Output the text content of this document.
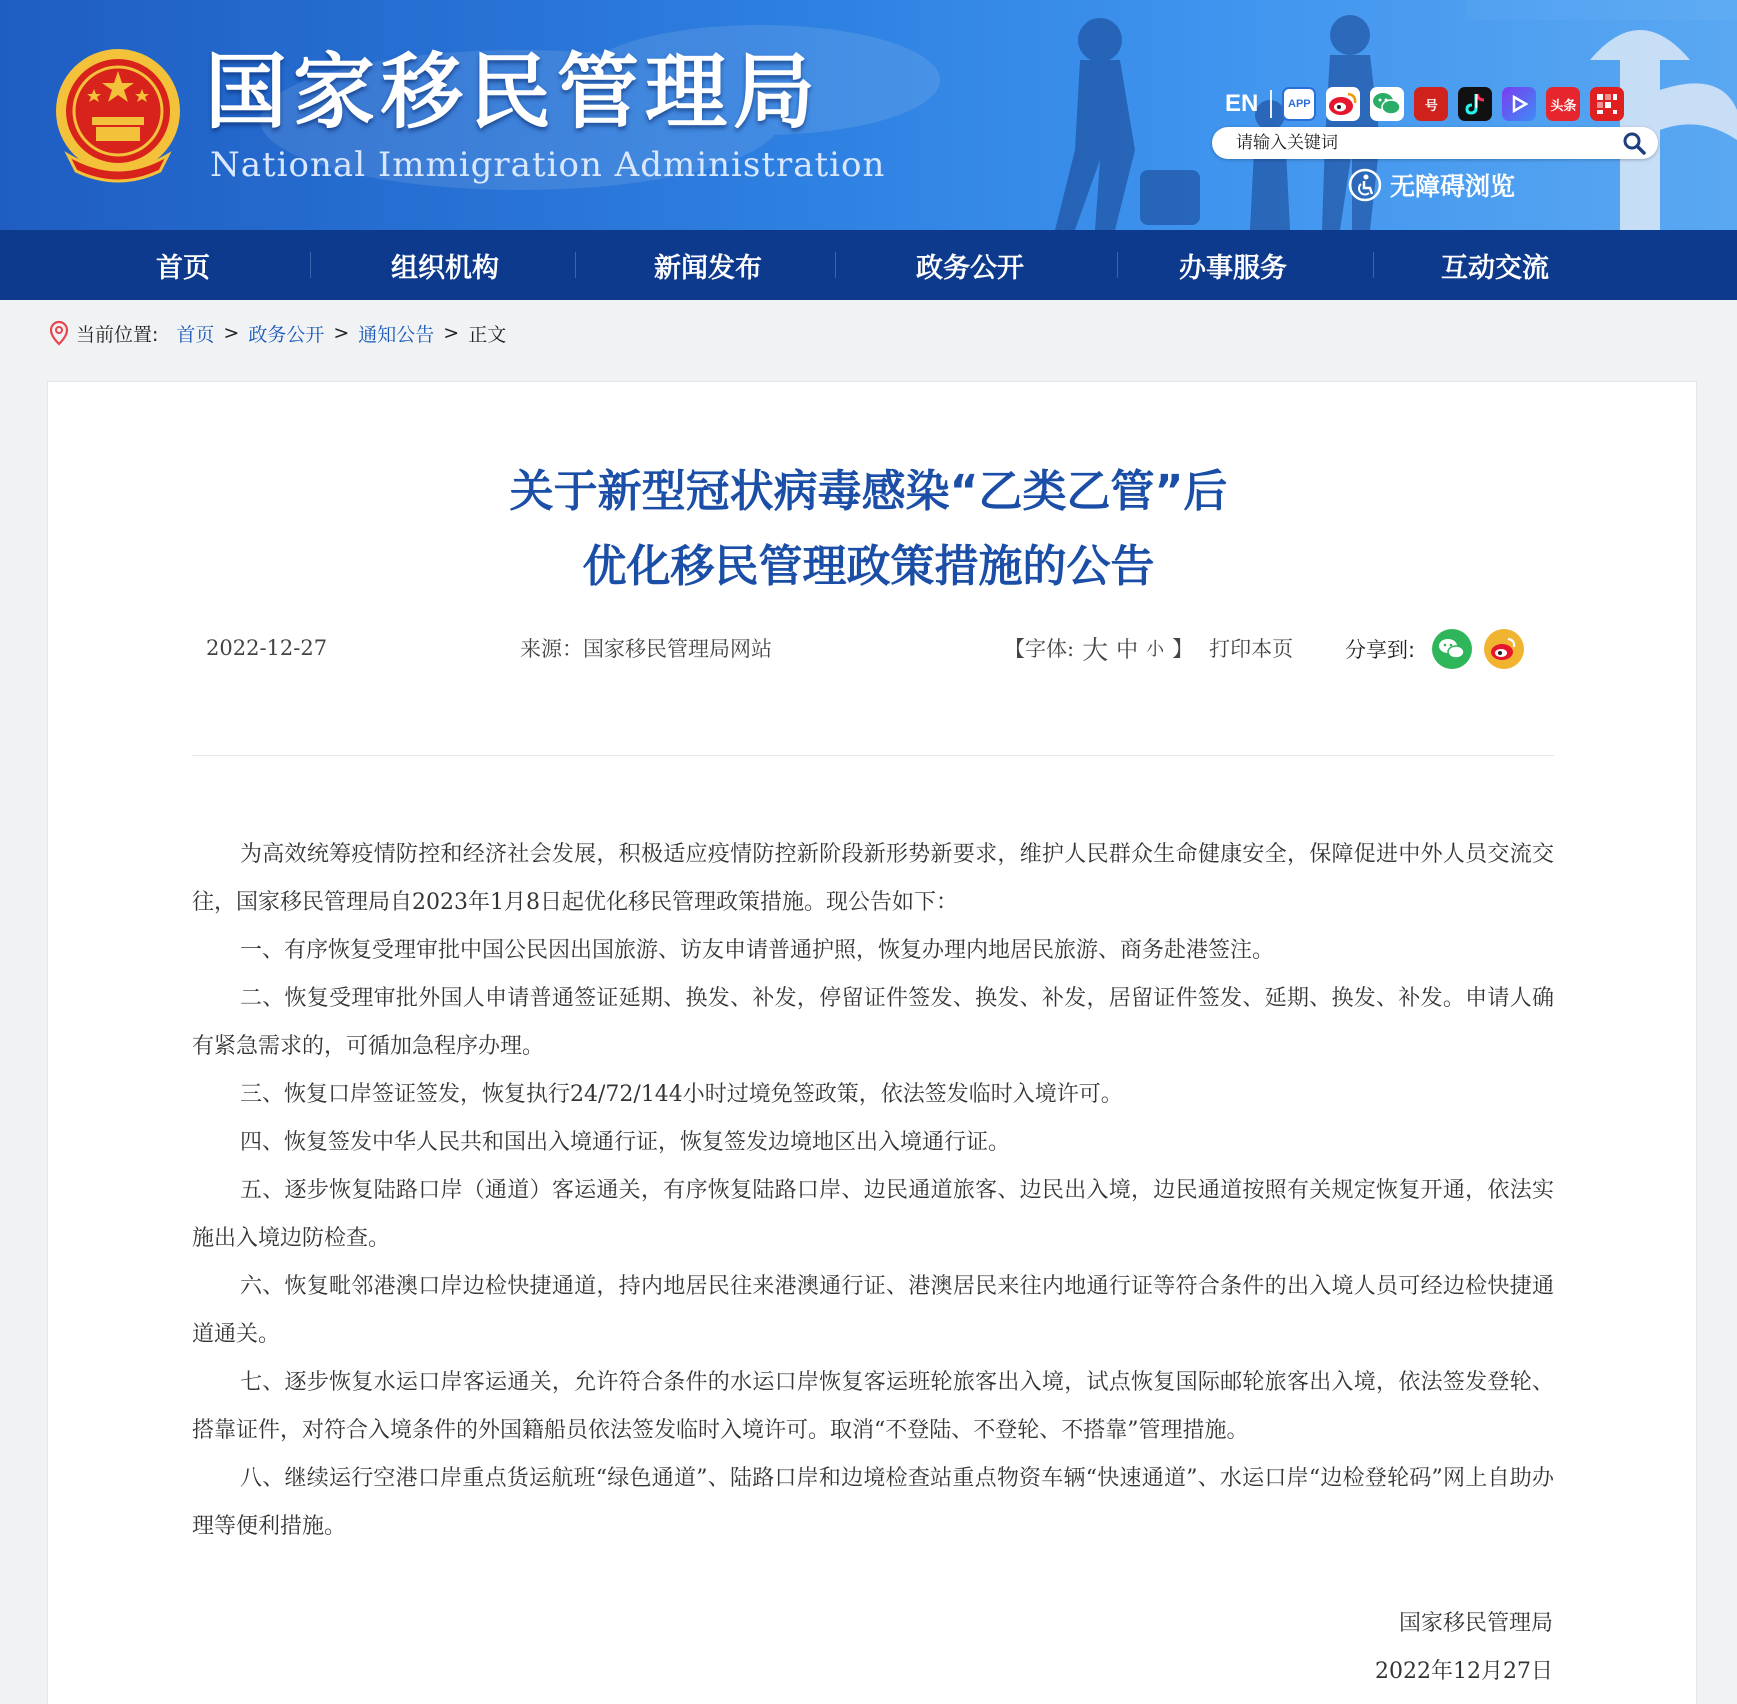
国家移民管理局
National Immigration Administration
EN	APP	号	头条
请输入关键词
无障碍浏览
首页	组织机构	新闻发布	政务公开	办事服务	互动交流
当前位置: 首页 > 政务公开 > 通知公告 > 正文
关于新型冠状病毒感染“乙类乙管”后
优化移民管理政策措施的公告
2022-12-27	来源：国家移民管理局网站	【字体: 大 中 小 】 打印本页 分享到:

为高效统筹疫情防控和经济社会发展，积极适应疫情防控新阶段新形势新要求，维护人民群众生命健康安全，保障促进中外人员交流交往，国家移民管理局自2023年1月8日起优化移民管理政策措施。现公告如下：

一、有序恢复受理审批中国公民因出国旅游、访友申请普通护照，恢复办理内地居民旅游、商务赴港签注。

二、恢复受理审批外国人申请普通签证延期、换发、补发，停留证件签发、换发、补发，居留证件签发、延期、换发、补发。申请人确有紧急需求的，可循加急程序办理。

三、恢复口岸签证签发，恢复执行24/72/144小时过境免签政策，依法签发临时入境许可。

四、恢复签发中华人民共和国出入境通行证，恢复签发边境地区出入境通行证。

五、逐步恢复陆路口岸（通道）客运通关，有序恢复陆路口岸、边民通道旅客、边民出入境，边民通道按照有关规定恢复开通，依法实施出入境边防检查。

六、恢复毗邻港澳口岸边检快捷通道，持内地居民往来港澳通行证、港澳居民来往内地通行证等符合条件的出入境人员可经边检快捷通道通关。

七、逐步恢复水运口岸客运通关，允许符合条件的水运口岸恢复客运班轮旅客出入境，试点恢复国际邮轮旅客出入境，依法签发登轮、搭靠证件，对符合入境条件的外国籍船员依法签发临时入境许可。取消“不登陆、不登轮、不搭靠”管理措施。

八、继续运行空港口岸重点货运航班“绿色通道”、陆路口岸和边境检查站重点物资车辆“快速通道”、水运口岸“边检登轮码”网上自助办理等便利措施。

国家移民管理局
2022年12月27日
